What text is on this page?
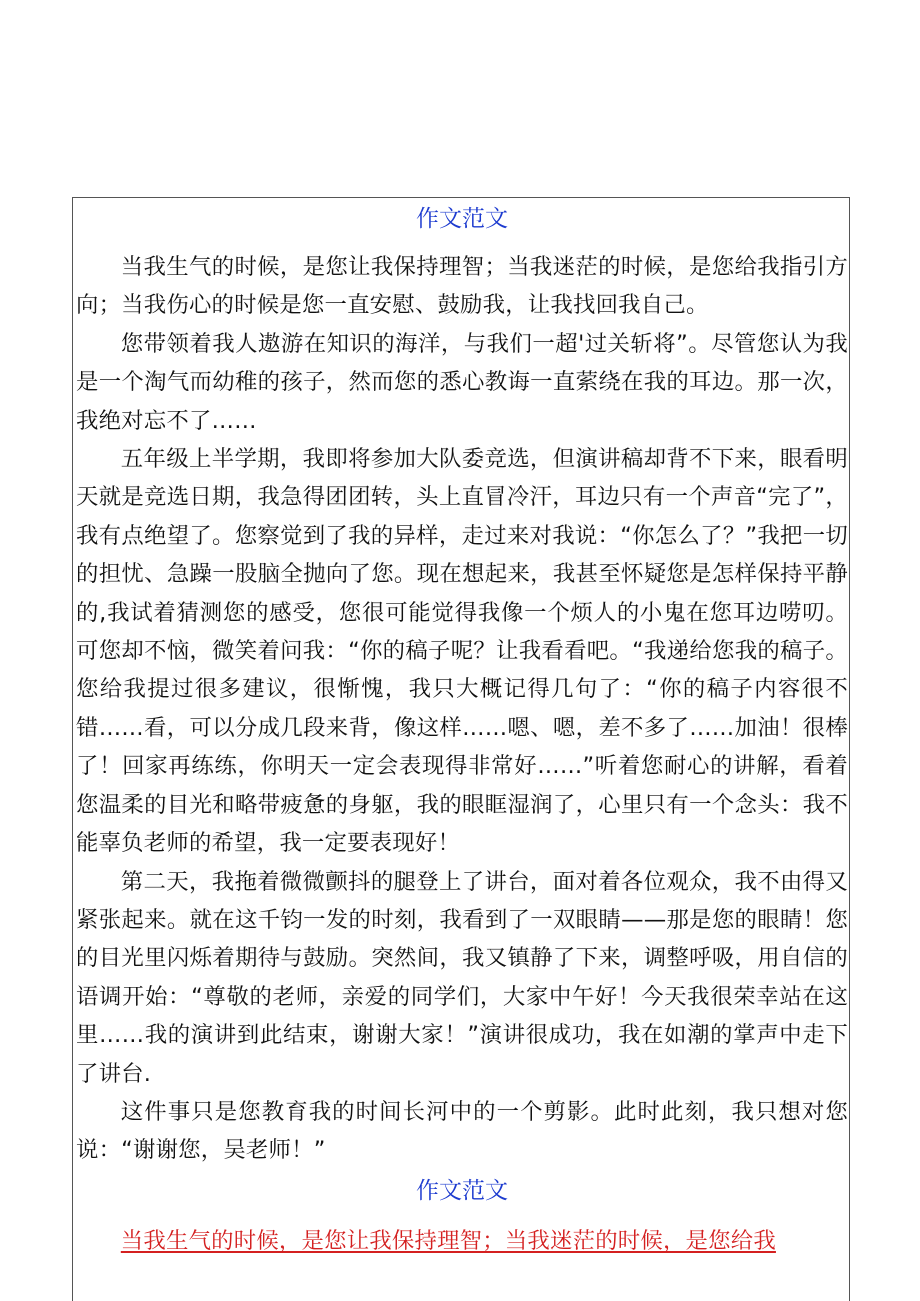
作文范文

当我生气的时候，是您让我保持理智；当我迷茫的时候，是您给我指引方向；当我伤心的时候是您一直安慰、鼓励我，让我找回我自己。

您带领着我人遨游在知识的海洋，与我们一超'过关斩将”。尽管您认为我是一个淘气而幼稚的孩子，然而您的悉心教诲一直萦绕在我的耳边。那一次，我绝对忘不了……

五年级上半学期，我即将参加大队委竞选，但演讲稿却背不下来，眼看明天就是竞选日期，我急得团团转，头上直冒冷汗，耳边只有一个声音“完了”，我有点绝望了。您察觉到了我的异样，走过来对我说：“你怎么了？”我把一切的担忧、急躁一股脑全抛向了您。现在想起来，我甚至怀疑您是怎样保持平静的,我试着猜测您的感受，您很可能觉得我像一个烦人的小鬼在您耳边唠叨。可您却不恼，微笑着问我：“你的稿子呢？让我看看吧。“我递给您我的稿子。您给我提过很多建议，很惭愧，我只大概记得几句了：“你的稿子内容很不错……看，可以分成几段来背，像这样……嗯、嗯，差不多了……加油！很棒了！回家再练练，你明天一定会表现得非常好……”听着您耐心的讲解，看着您温柔的目光和略带疲惫的身躯，我的眼眶湿润了，心里只有一个念头：我不能辜负老师的希望，我一定要表现好！

第二天，我拖着微微颤抖的腿登上了讲台，面对着各位观众，我不由得又紧张起来。就在这千钧一发的时刻，我看到了一双眼睛——那是您的眼睛！您的目光里闪烁着期待与鼓励。突然间，我又镇静了下来，调整呼吸，用自信的语调开始：“尊敬的老师，亲爱的同学们，大家中午好！今天我很荣幸站在这里……我的演讲到此结束，谢谢大家！”演讲很成功，我在如潮的掌声中走下了讲台.

这件事只是您教育我的时间长河中的一个剪影。此时此刻，我只想对您说：“谢谢您，吴老师！”

作文范文

当我生气的时候，是您让我保持理智；当我迷茫的时候，是您给我
